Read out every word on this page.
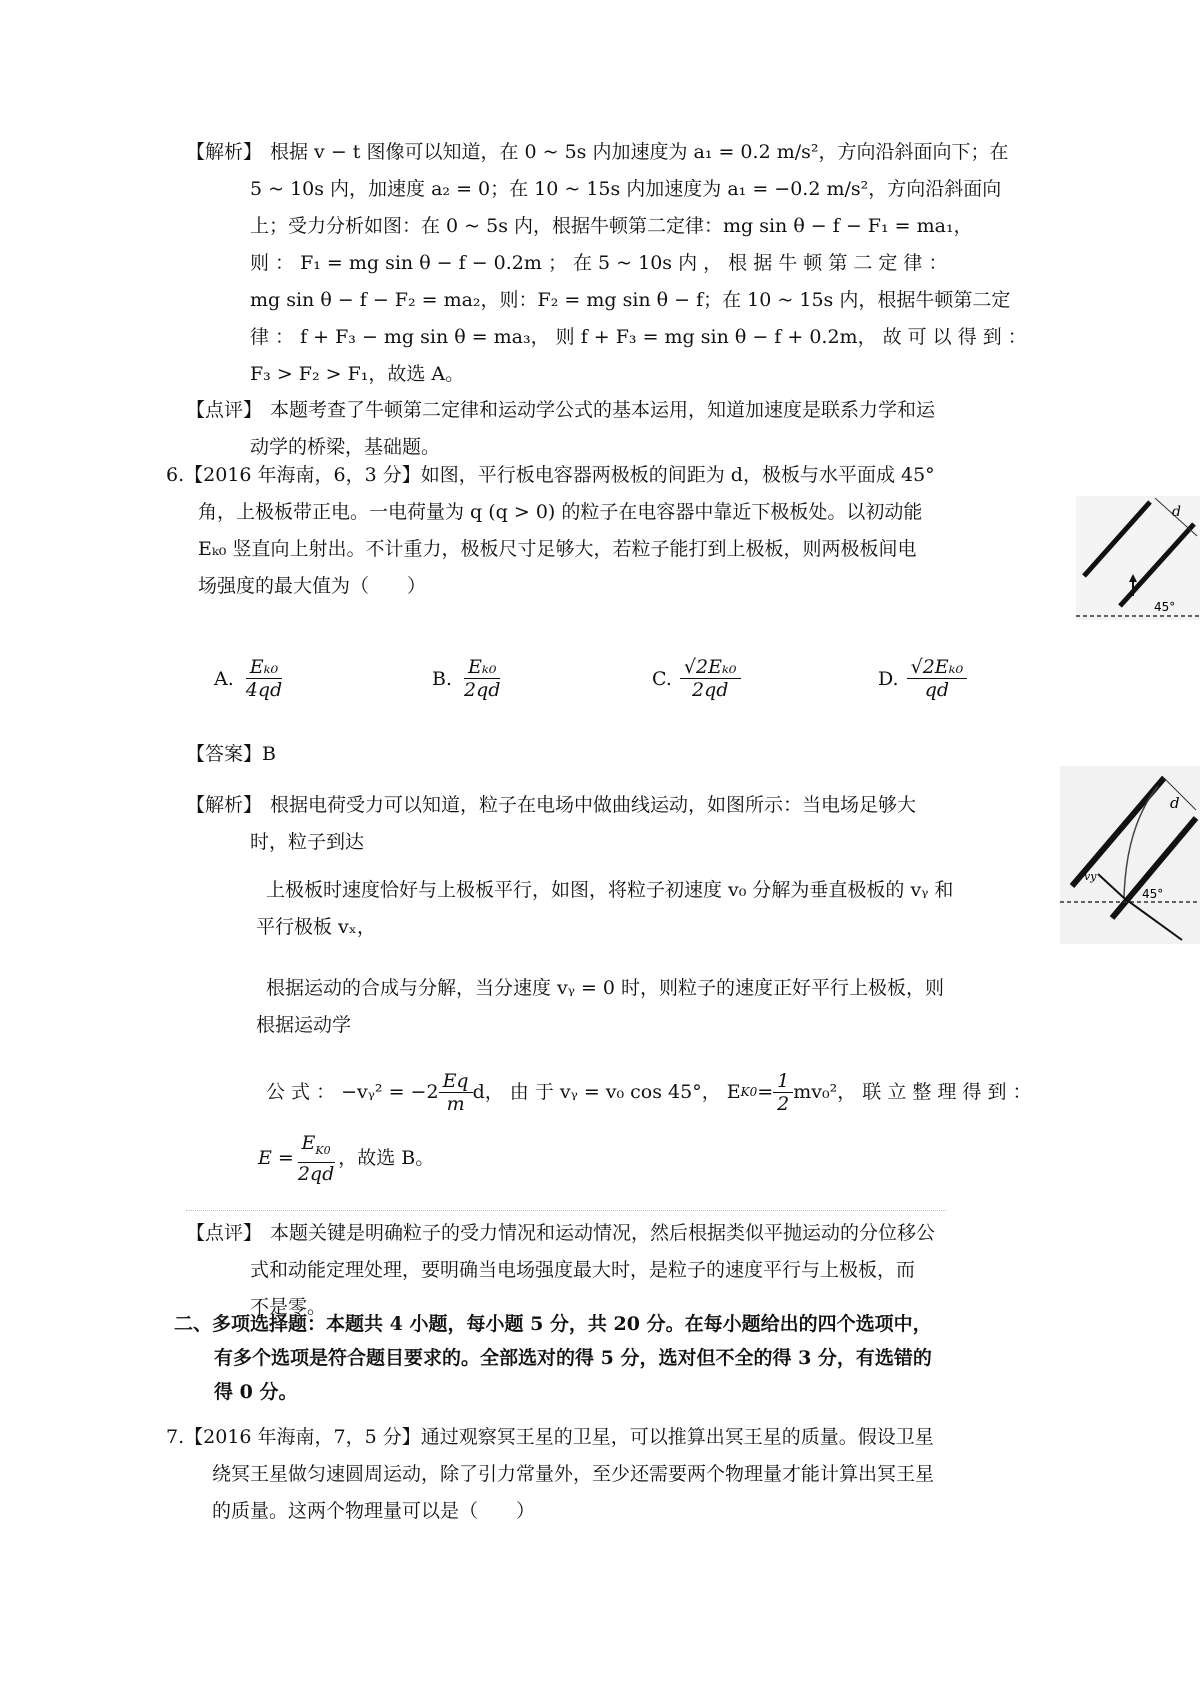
【解析】 根据 v − t 图像可以知道，在 0 ~ 5s 内加速度为 a₁ = 0.2 m/s²，方向沿斜面向下；在
5 ~ 10s 内，加速度 a₂ = 0；在 10 ~ 15s 内加速度为 a₁ = −0.2 m/s²，方向沿斜面向
上；受力分析如图：在 0 ~ 5s 内，根据牛顿第二定律：mg sin θ − f − F₁ = ma₁，
则 ： F₁ = mg sin θ − f − 0.2m ； 在 5 ~ 10s 内 ， 根 据 牛 顿 第 二 定 律 ：
mg sin θ − f − F₂ = ma₂，则：F₂ = mg sin θ − f；在 10 ~ 15s 内，根据牛顿第二定
律 ： f + F₃ − mg sin θ = ma₃， 则 f + F₃ = mg sin θ − f + 0.2m， 故 可 以 得 到 ：
F₃ > F₂ > F₁，故选 A。
【点评】 本题考查了牛顿第二定律和运动学公式的基本运用，知道加速度是联系力学和运
动学的桥梁，基础题。
6.【2016 年海南，6，3 分】如图，平行板电容器两极板的间距为 d，极板与水平面成 45°
角，上极板带正电。一电荷量为 q (q > 0) 的粒子在电容器中靠近下极板处。以初动能
Eₖ₀ 竖直向上射出。不计重力，极板尺寸足够大，若粒子能打到上极板，则两极板间电
场强度的最大值为（　　）
d
45°
A. $\frac{\text{Eₖ₀}}{4qd}$	B. $\frac{\text{Eₖ₀}}{2qd}$	C. $\frac{\text{√2Eₖ₀}}{2qd}$	D. $\frac{\text{√2Eₖ₀}}{qd}$
【答案】B
【解析】 根据电荷受力可以知道，粒子在电场中做曲线运动，如图所示：当电场足够大
时，粒子到达
上极板时速度恰好与上极板平行，如图，将粒子初速度 v₀ 分解为垂直极板的 vᵧ 和
平行极板 vₓ，
根据运动的合成与分解，当分速度 vᵧ = 0 时，则粒子的速度正好平行上极板，则
根据运动学
公 式 ： −vᵧ² = $-2 \frac{Eq}{m}$ d， 由 于 vᵧ = v₀ cos 45°， E $K0 = \frac{1}{2} mv_0^2$， 联 立 整 理 得 到 ：
$E = \frac{E_{K0}}{2qd}$ ，故选 B。
d
vy
45°
【点评】 本题关键是明确粒子的受力情况和运动情况，然后根据类似平抛运动的分位移公
式和动能定理处理，要明确当电场强度最大时，是粒子的速度平行与上极板，而
不是零。
二、多项选择题：本题共 4 小题，每小题 5 分，共 20 分。在每小题给出的四个选项中，
有多个选项是符合题目要求的。全部选对的得 5 分，选对但不全的得 3 分，有选错的
得 0 分。
7.【2016 年海南，7，5 分】通过观察冥王星的卫星，可以推算出冥王星的质量。假设卫星
绕冥王星做匀速圆周运动，除了引力常量外，至少还需要两个物理量才能计算出冥王星
的质量。这两个物理量可以是（　　）
